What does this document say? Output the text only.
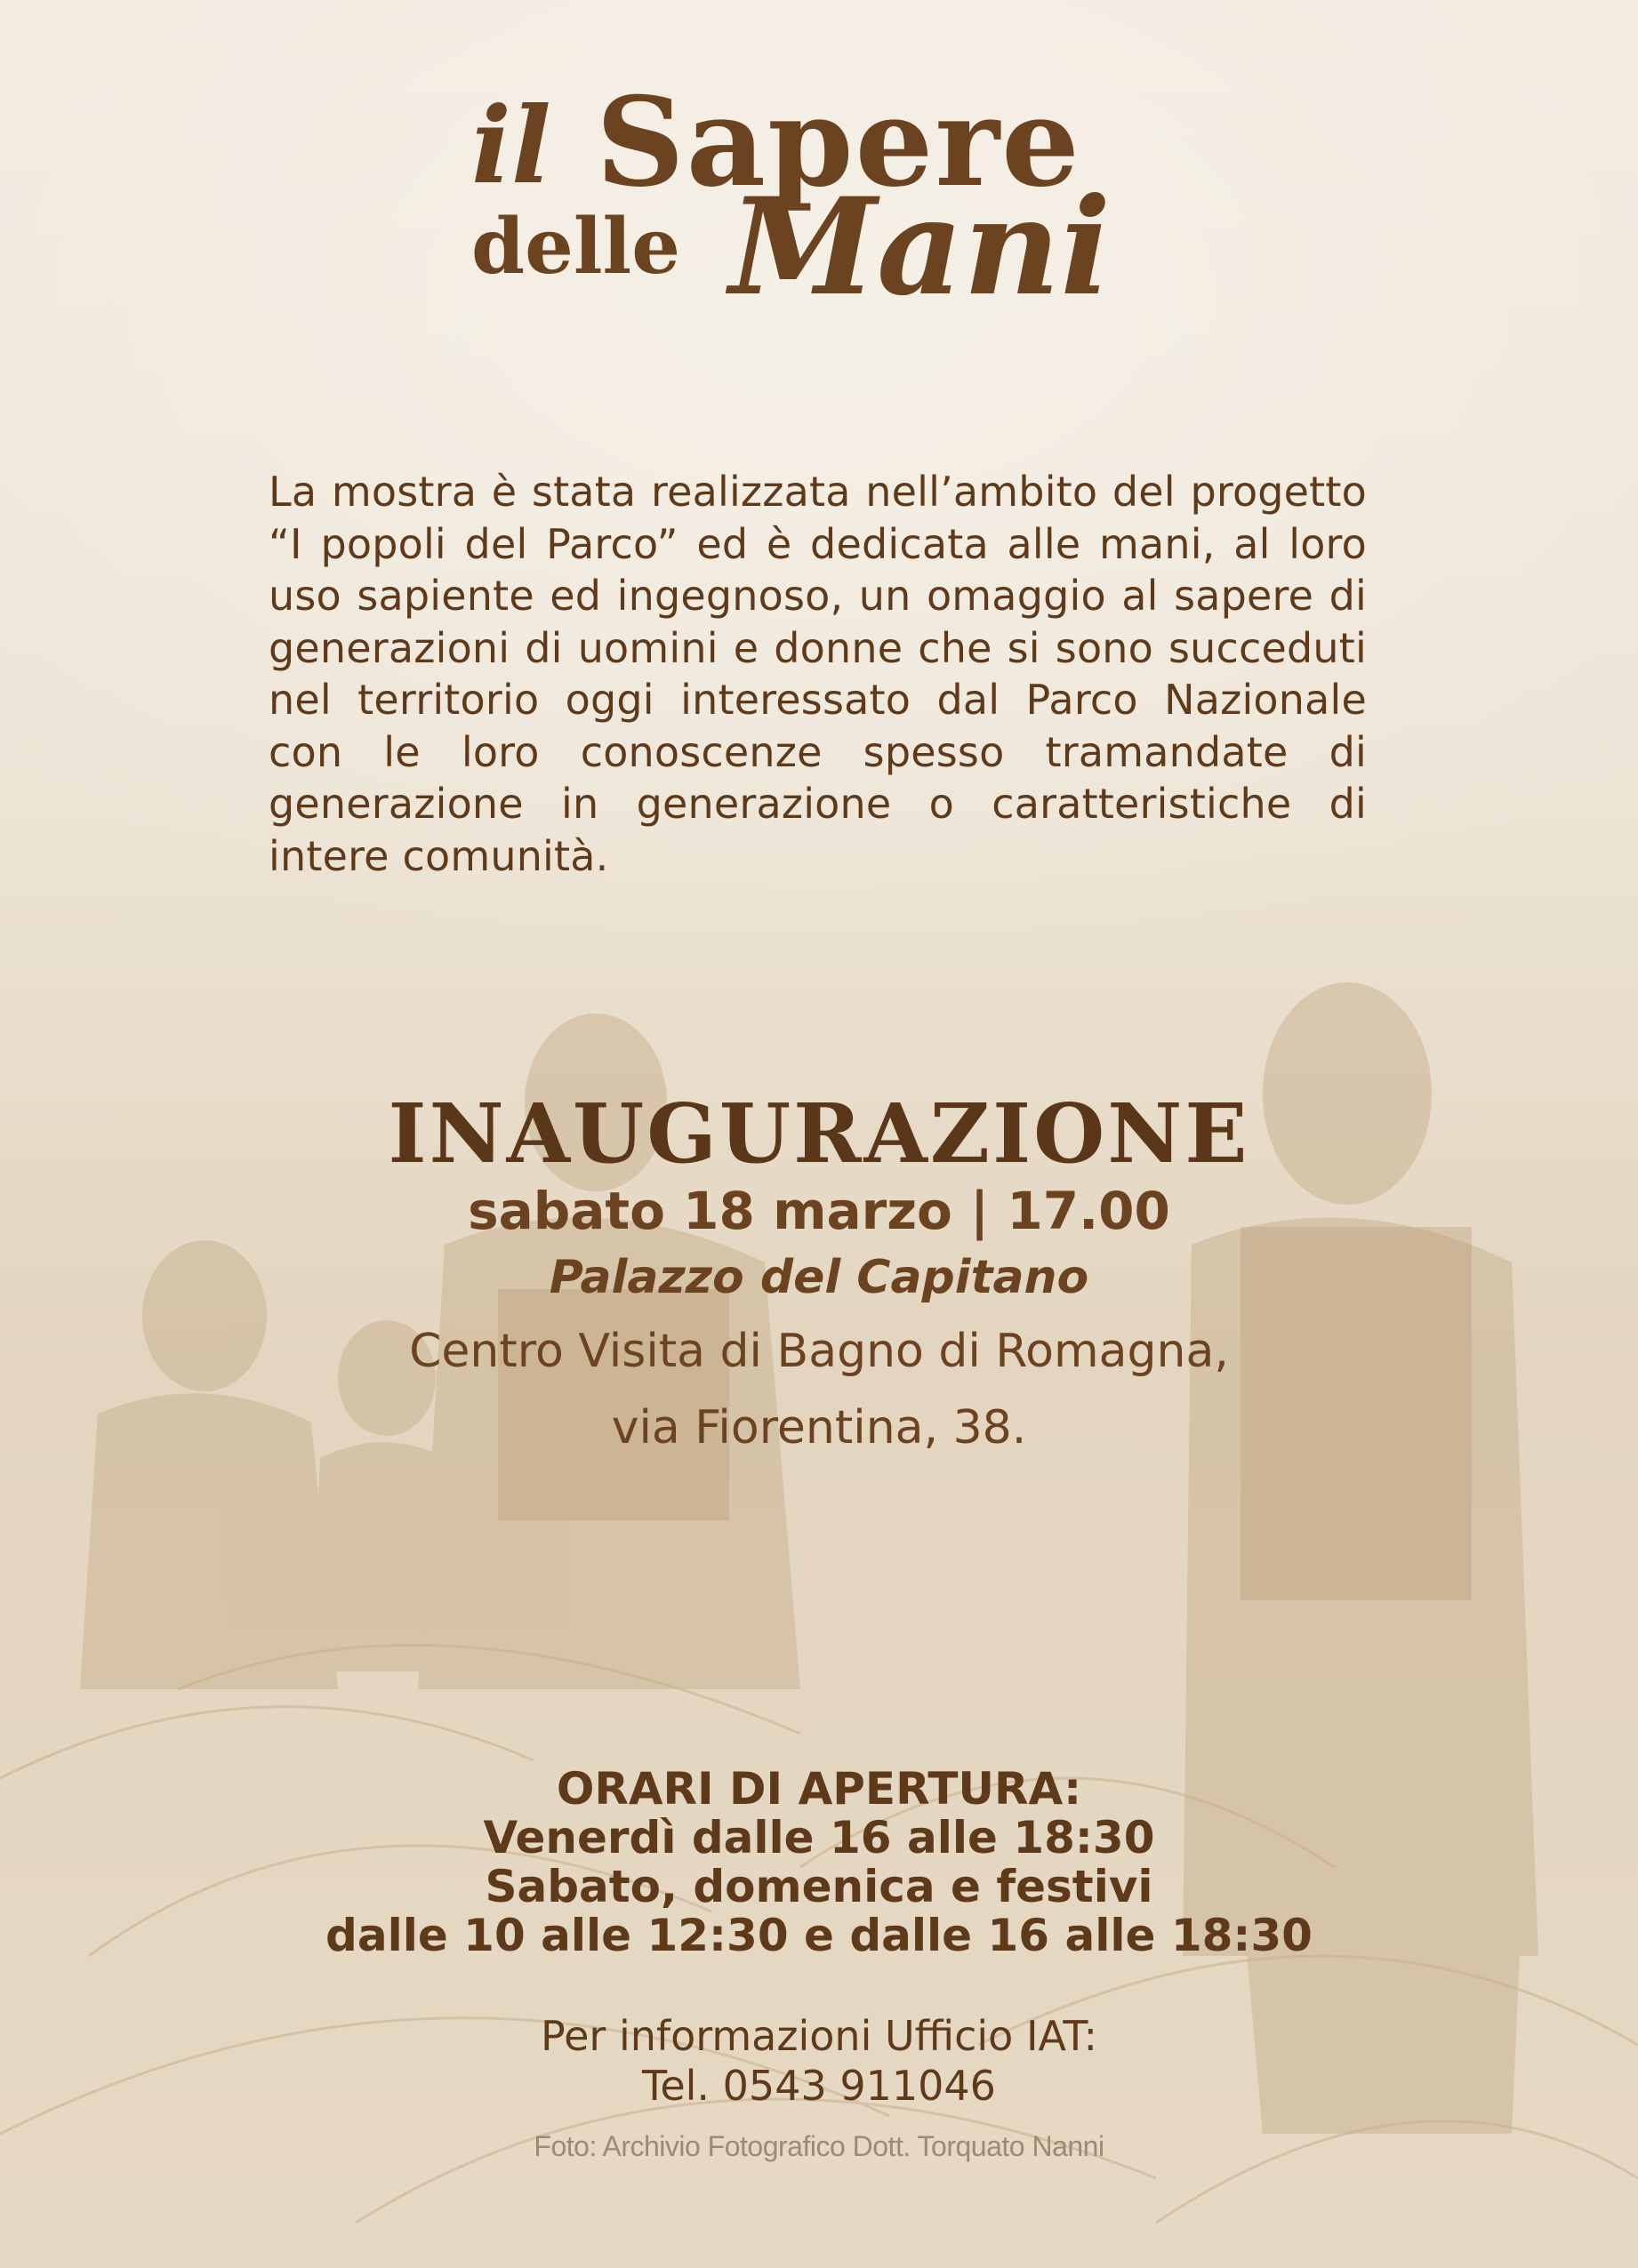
il Sapere
delle Mani

La mostra è stata realizzata nell’ambito del progetto “I popoli del Parco” ed è dedicata alle mani, al loro uso sapiente ed ingegnoso, un omaggio al sapere di generazioni di uomini e donne che si sono succeduti nel territorio oggi interessato dal Parco Nazionale con le loro conoscenze spesso tramandate di generazione in generazione o caratteristiche di intere comunità.

INAUGURAZIONE
sabato 18 marzo | 17.00
Palazzo del Capitano
Centro Visita di Bagno di Romagna,
via Fiorentina, 38.
ORARI DI APERTURA:
Venerdì dalle 16 alle 18:30
Sabato, domenica e festivi
dalle 10 alle 12:30 e dalle 16 alle 18:30
Per informazioni Ufficio IAT:
Tel. 0543 911046
Foto: Archivio Fotografico Dott. Torquato Nanni
